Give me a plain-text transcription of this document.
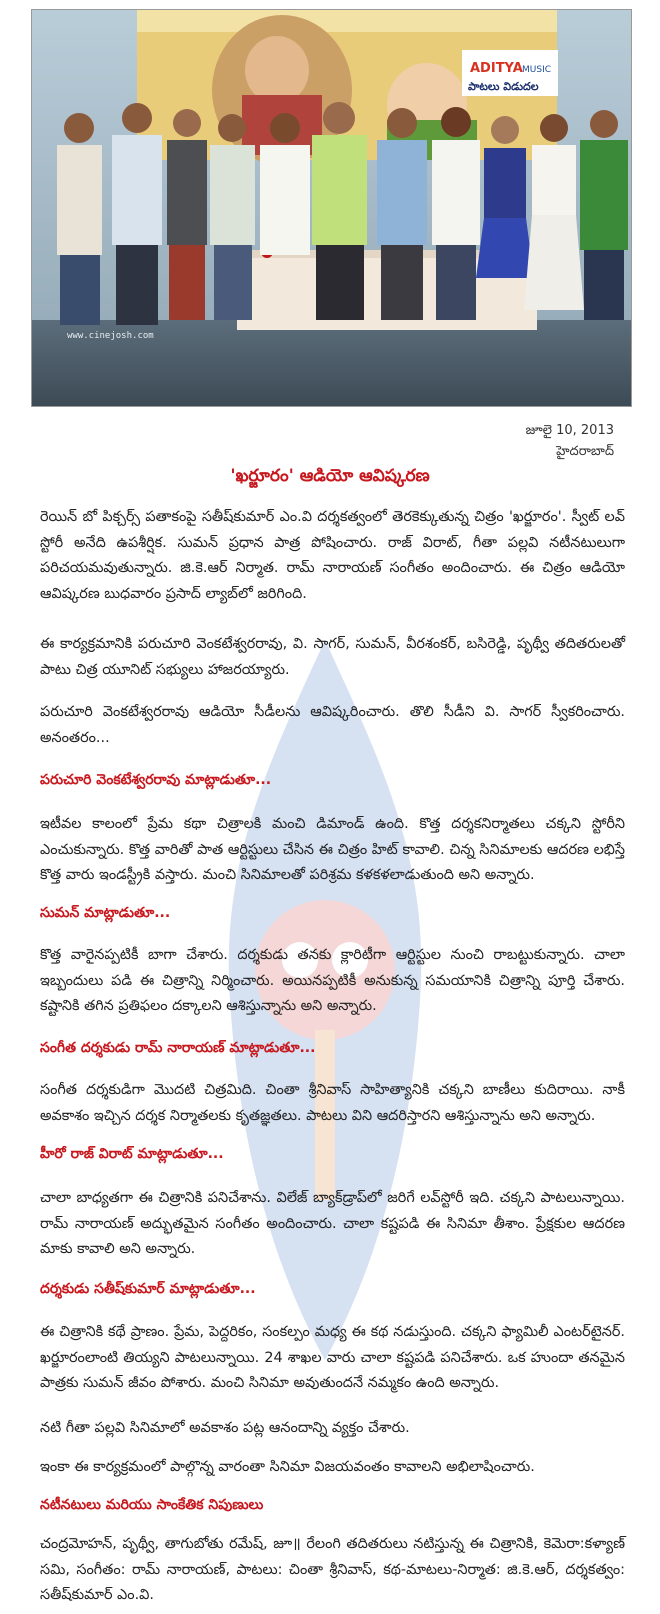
ADITYA MUSIC
పాటలు విడుదల
www.cinejosh.com
జూలై 10, 2013
హైదరాబాద్
'ఖర్జూరం' ఆడియో ఆవిష్కరణ

రెయిన్ బో పిక్చర్స్ పతాకంపై సతీష్‌కుమార్ ఎం.వి దర్శకత్వంలో తెరకెక్కుతున్న చిత్రం 'ఖర్జూరం'. స్వీట్ లవ్ స్టోరీ అనేది ఉపశీర్షిక. సుమన్ ప్రధాన పాత్ర పోషించారు. రాజ్ విరాట్, గీతా పల్లవి నటీనటులుగా పరిచయమవుతున్నారు. జి.కె.ఆర్ నిర్మాత. రామ్ నారాయణ్ సంగీతం అందించారు. ఈ చిత్రం ఆడియో ఆవిష్కరణ బుధవారం ప్రసాద్ ల్యాబ్‌లో జరిగింది.

ఈ కార్యక్రమానికి పరుచూరి వెంకటేశ్వరరావు, వి. సాగర్, సుమన్, వీరశంకర్, బసిరెడ్డి, పృథ్వీ తదితరులతో పాటు చిత్ర యూనిట్ సభ్యులు హాజరయ్యారు.

పరుచూరి వెంకటేశ్వరరావు ఆడియో సీడీలను ఆవిష్కరించారు. తొలి సీడీని వి. సాగర్ స్వీకరించారు. అనంతరం...

పరుచూరి వెంకటేశ్వరరావు మాట్లాడుతూ...

ఇటీవల కాలంలో ప్రేమ కథా చిత్రాలకి మంచి డిమాండ్ ఉంది. కొత్త దర్శకనిర్మాతలు చక్కని స్టోరీని ఎంచుకున్నారు. కొత్త వారితో పాత ఆర్టిస్టులు చేసిన ఈ చిత్రం హిట్ కావాలి. చిన్న సినిమాలకు ఆదరణ లభిస్తే కొత్త వారు ఇండస్ట్రీకి వస్తారు. మంచి సినిమాలతో పరిశ్రమ కళకళలాడుతుంది అని అన్నారు.

సుమన్ మాట్లాడుతూ...

కొత్త వారైనప్పటికీ బాగా చేశారు. దర్శకుడు తనకు క్లారిటీగా ఆర్టిస్టుల నుంచి రాబట్టుకున్నారు. చాలా ఇబ్బందులు పడి ఈ చిత్రాన్ని నిర్మించారు. అయినప్పటికీ అనుకున్న సమయానికి చిత్రాన్ని పూర్తి చేశారు. కష్టానికి తగిన ప్రతిఫలం దక్కాలని ఆశిస్తున్నాను అని అన్నారు.

సంగీత దర్శకుడు రామ్ నారాయణ్ మాట్లాడుతూ...

సంగీత దర్శకుడిగా మొదటి చిత్రమిది. చింతా శ్రీనివాస్ సాహిత్యానికి చక్కని బాణీలు కుదిరాయి. నాకీ అవకాశం ఇచ్చిన దర్శక నిర్మాతలకు కృతజ్ఞతలు. పాటలు విని ఆదరిస్తారని ఆశిస్తున్నాను అని అన్నారు.

హీరో రాజ్ విరాట్ మాట్లాడుతూ...

చాలా బాధ్యతగా ఈ చిత్రానికి పనిచేశాను. విలేజ్ బ్యాక్‌డ్రాప్‌లో జరిగే లవ్‌స్టోరీ ఇది. చక్కని పాటలున్నాయి. రామ్ నారాయణ్ అద్భుతమైన సంగీతం అందించారు. చాలా కష్టపడి ఈ సినిమా తీశాం. ప్రేక్షకుల ఆదరణ మాకు కావాలి అని అన్నారు.

దర్శకుడు సతీష్‌కుమార్ మాట్లాడుతూ...

ఈ చిత్రానికి కథే ప్రాణం. ప్రేమ, పెద్దరికం, సంకల్పం మధ్య ఈ కథ నడుస్తుంది. చక్కని ఫ్యామిలీ ఎంటర్‌టైనర్. ఖర్జూరంలాంటి తియ్యని పాటలున్నాయి. 24 శాఖల వారు చాలా కష్టపడి పనిచేశారు. ఒక హుందా తనమైన పాత్రకు సుమన్ జీవం పోశారు. మంచి సినిమా అవుతుందనే నమ్మకం ఉంది అన్నారు.

నటి గీతా పల్లవి సినిమాలో అవకాశం పట్ల ఆనందాన్ని వ్యక్తం చేశారు.

ఇంకా ఈ కార్యక్రమంలో పాల్గొన్న వారంతా సినిమా విజయవంతం కావాలని అభిలాషించారు.

నటీనటులు మరియు సాంకేతిక నిపుణులు

చంద్రమోహన్, పృథ్వీ, తాగుబోతు రమేష్, జూ॥ రేలంగి తదితరులు నటిస్తున్న ఈ చిత్రానికి, కెమెరా:కళ్యాణ్ సమి, సంగీతం: రామ్ నారాయణ్, పాటలు: చింతా శ్రీనివాస్, కథ-మాటలు-నిర్మాత: జి.కె.ఆర్, దర్శకత్వం: సతీష్‌కుమార్ ఎం.వి.
